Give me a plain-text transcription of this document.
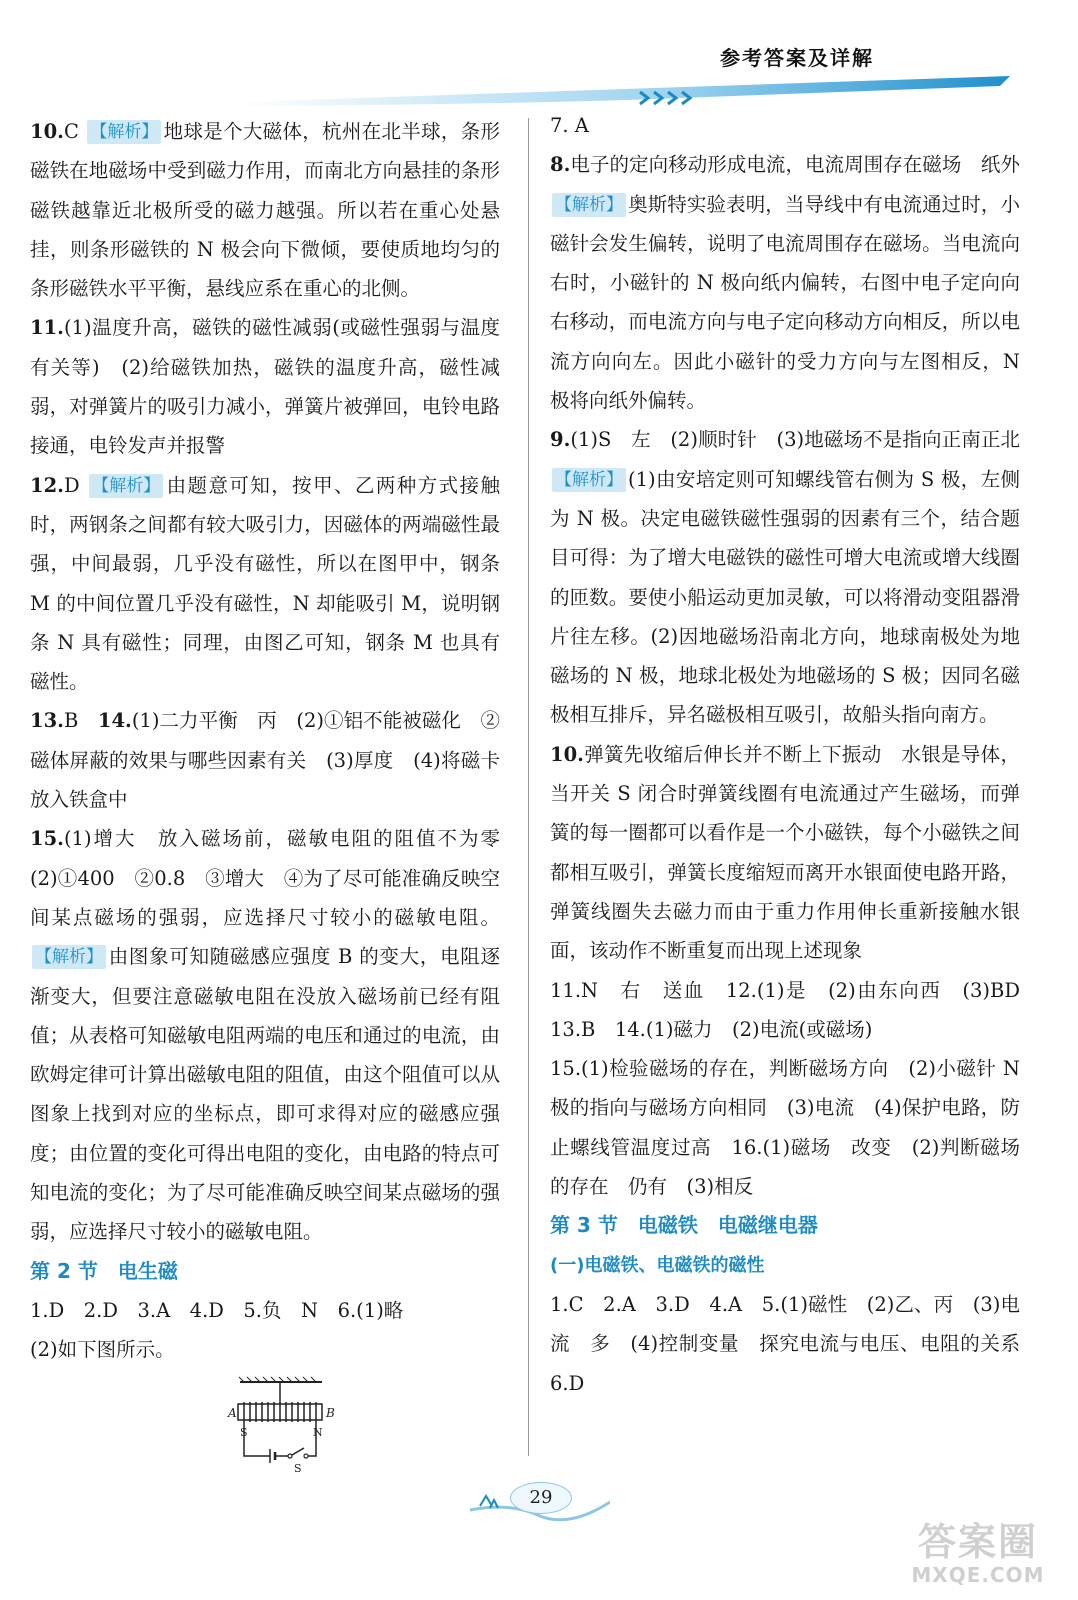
参考答案及详解

10.C 【解析】 地球是个大磁体，杭州在北半球，条形磁铁在地磁场中受到磁力作用，而南北方向悬挂的条形磁铁越靠近北极所受的磁力越强。所以若在重心处悬挂，则条形磁铁的 N 极会向下微倾，要使质地均匀的条形磁铁水平平衡，悬线应系在重心的北侧。

11.(1)温度升高，磁铁的磁性减弱(或磁性强弱与温度有关等)　(2)给磁铁加热，磁铁的温度升高，磁性减弱，对弹簧片的吸引力减小，弹簧片被弹回，电铃电路接通，电铃发声并报警

12.D 【解析】 由题意可知，按甲、乙两种方式接触时，两钢条之间都有较大吸引力，因磁体的两端磁性最强，中间最弱，几乎没有磁性，所以在图甲中，钢条 M 的中间位置几乎没有磁性，N 却能吸引 M，说明钢条 N 具有磁性；同理，由图乙可知，钢条 M 也具有磁性。

13.B　 14.(1)二力平衡　丙　(2)①铝不能被磁化　②磁体屏蔽的效果与哪些因素有关　(3)厚度　(4)将磁卡放入铁盒中

15.(1)增大　放入磁场前，磁敏电阻的阻值不为零　(2)①400　②0.8　③增大　④为了尽可能准确反映空间某点磁场的强弱，应选择尺寸较小的磁敏电阻。 【解析】 由图象可知随磁感应强度 B 的变大，电阻逐渐变大，但要注意磁敏电阻在没放入磁场前已经有阻值；从表格可知磁敏电阻两端的电压和通过的电流，由欧姆定律可计算出磁敏电阻的阻值，由这个阻值可以从图象上找到对应的坐标点，即可求得对应的磁感应强度；由位置的变化可得出电阻的变化，由电路的特点可知电流的变化；为了尽可能准确反映空间某点磁场的强弱，应选择尺寸较小的磁敏电阻。

第 2 节　电生磁

1.D　2.D　3.A　4.D　5.负　N　6.(1)略

(2)如下图所示。

A	B
S	N
S

7. A

8.电子的定向移动形成电流，电流周围存在磁场　纸外 【解析】 奥斯特实验表明，当导线中有电流通过时，小磁针会发生偏转，说明了电流周围存在磁场。当电流向右时，小磁针的 N 极向纸内偏转，右图中电子定向向右移动，而电流方向与电子定向移动方向相反，所以电流方向向左。因此小磁针的受力方向与左图相反，N 极将向纸外偏转。

9.(1)S　左　(2)顺时针　(3)地磁场不是指向正南正北 【解析】 (1)由安培定则可知螺线管右侧为 S 极，左侧为 N 极。决定电磁铁磁性强弱的因素有三个，结合题目可得：为了增大电磁铁的磁性可增大电流或增大线圈的匝数。要使小船运动更加灵敏，可以将滑动变阻器滑片往左移。(2)因地磁场沿南北方向，地球南极处为地磁场的 N 极，地球北极处为地磁场的 S 极；因同名磁极相互排斥，异名磁极相互吸引，故船头指向南方。

10.弹簧先收缩后伸长并不断上下振动　水银是导体，当开关 S 闭合时弹簧线圈有电流通过产生磁场，而弹簧的每一圈都可以看作是一个小磁铁，每个小磁铁之间都相互吸引，弹簧长度缩短而离开水银面使电路开路，弹簧线圈失去磁力而由于重力作用伸长重新接触水银面，该动作不断重复而出现上述现象

11.N　右　送血　12.(1)是　(2)由东向西　(3)BD　13.B　14.(1)磁力　(2)电流(或磁场)

15.(1)检验磁场的存在，判断磁场方向　(2)小磁针 N 极的指向与磁场方向相同　(3)电流　(4)保护电路，防止螺线管温度过高　16.(1)磁场　改变　(2)判断磁场的存在　仍有　(3)相反

第 3 节　电磁铁　电磁继电器

(一)电磁铁、电磁铁的磁性

1.C　2.A　3.D　4.A　5.(1)磁性　(2)乙、丙　(3)电流　多　(4)控制变量　探究电流与电压、电阻的关系　6.D

29
答案圈
MXQE.COM
